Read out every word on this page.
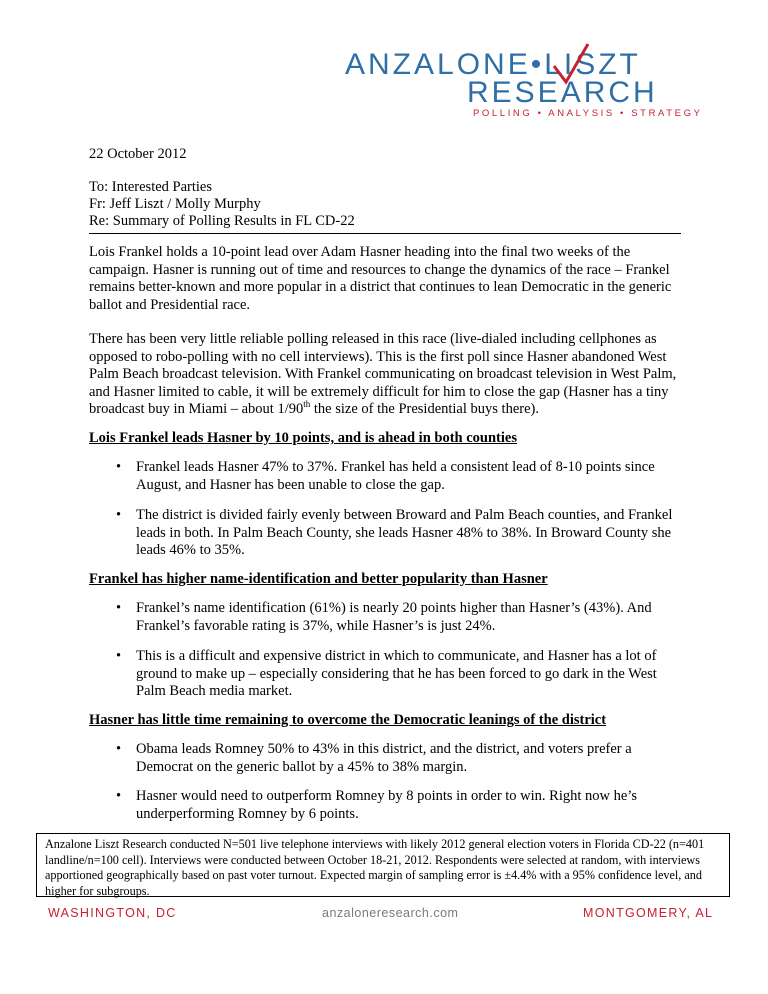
ANZALONE•LISZT
RESEARCH
POLLING • ANALYSIS • STRATEGY
22 October 2012
To: Interested Parties
Fr: Jeff Liszt / Molly Murphy
Re: Summary of Polling Results in FL CD-22
Lois Frankel holds a 10-point lead over Adam Hasner heading into the final two weeks of the campaign. Hasner is running out of time and resources to change the dynamics of the race – Frankel remains better-known and more popular in a district that continues to lean Democratic in the generic ballot and Presidential race.
There has been very little reliable polling released in this race (live-dialed including cellphones as opposed to robo-polling with no cell interviews). This is the first poll since Hasner abandoned West Palm Beach broadcast television. With Frankel communicating on broadcast television in West Palm, and Hasner limited to cable, it will be extremely difficult for him to close the gap (Hasner has a tiny broadcast buy in Miami – about 1/90th the size of the Presidential buys there).
Lois Frankel leads Hasner by 10 points, and is ahead in both counties
• Frankel leads Hasner 47% to 37%. Frankel has held a consistent lead of 8-10 points since August, and Hasner has been unable to close the gap.
• The district is divided fairly evenly between Broward and Palm Beach counties, and Frankel leads in both. In Palm Beach County, she leads Hasner 48% to 38%. In Broward County she leads 46% to 35%.
Frankel has higher name-identification and better popularity than Hasner
• Frankel’s name identification (61%) is nearly 20 points higher than Hasner’s (43%). And Frankel’s favorable rating is 37%, while Hasner’s is just 24%.
• This is a difficult and expensive district in which to communicate, and Hasner has a lot of ground to make up – especially considering that he has been forced to go dark in the West Palm Beach media market.
Hasner has little time remaining to overcome the Democratic leanings of the district
• Obama leads Romney 50% to 43% in this district, and the district, and voters prefer a Democrat on the generic ballot by a 45% to 38% margin.
• Hasner would need to outperform Romney by 8 points in order to win. Right now he’s underperforming Romney by 6 points.
Anzalone Liszt Research conducted N=501 live telephone interviews with likely 2012 general election voters in Florida CD-22 (n=401 landline/n=100 cell). Interviews were conducted between October 18-21, 2012. Respondents were selected at random, with interviews apportioned geographically based on past voter turnout. Expected margin of sampling error is ±4.4% with a 95% confidence level, and higher for subgroups.
WASHINGTON, DC	anzaloneresearch.com	MONTGOMERY, AL
